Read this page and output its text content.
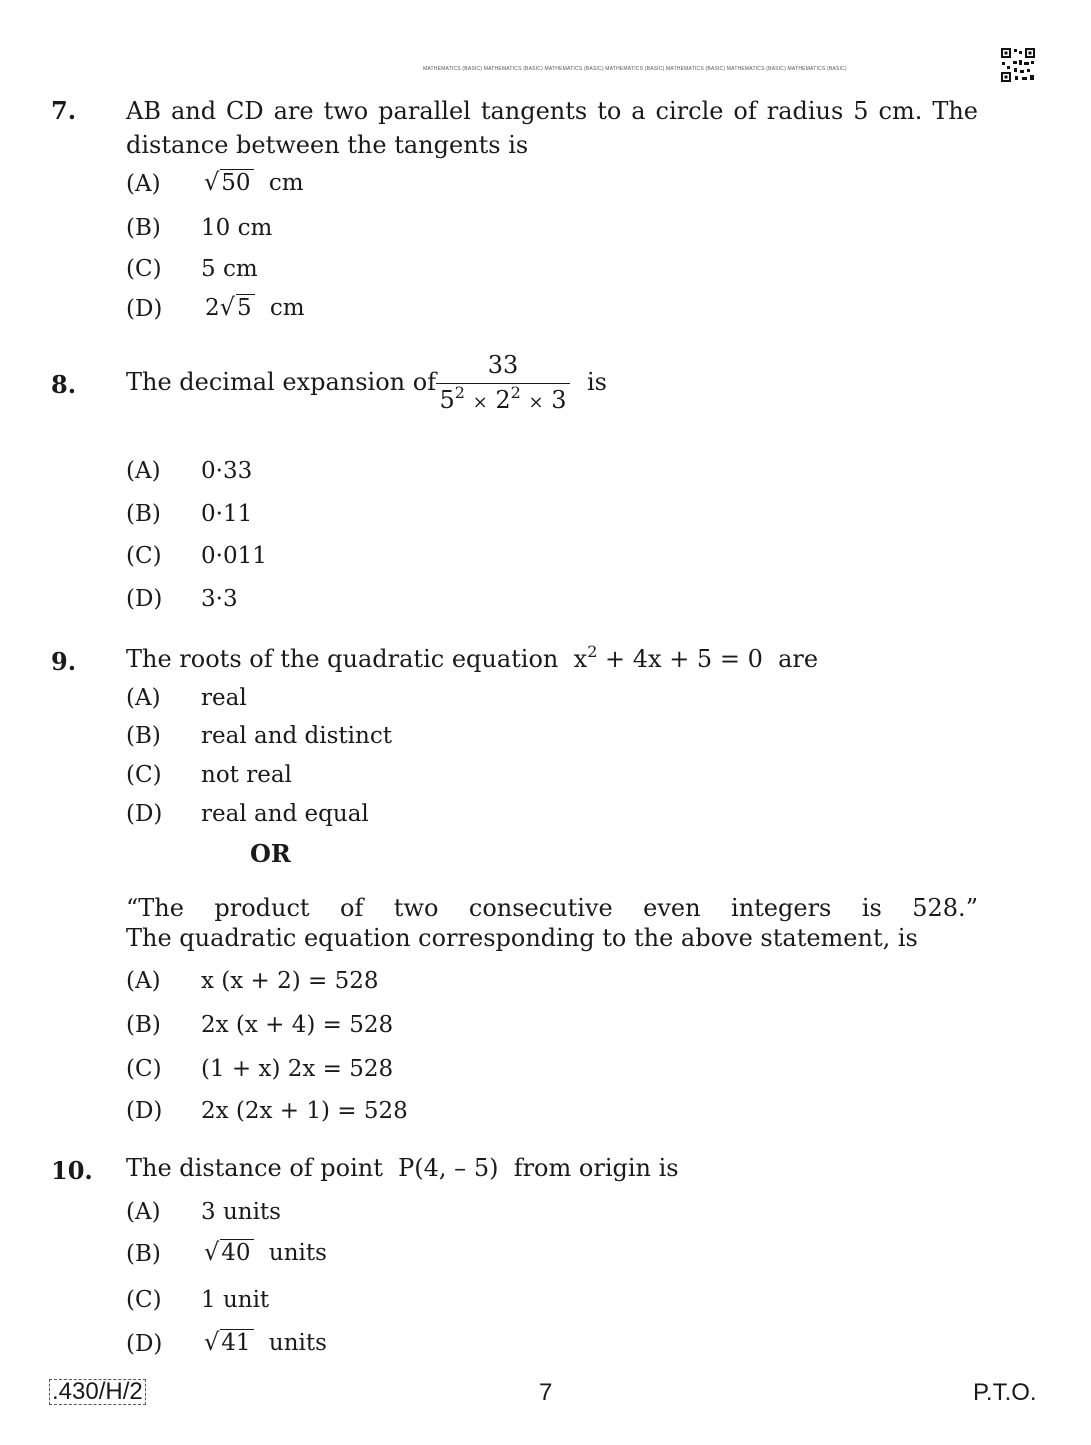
MATHEMATICS (BASIC) MATHEMATICS (BASIC) MATHEMATICS (BASIC) MATHEMATICS (BASIC) MATHEMATICS (BASIC) MATHEMATICS (BASIC) MATHEMATICS (BASIC)
7. AB and CD are two parallel tangents to a circle of radius 5 cm. The distance between the tangents is
(A) √50 cm
(B) 10 cm
(C) 5 cm
(D) 2√5 cm
8. The decimal expansion of $\frac{33}{5^2 \times 2^2 \times 3}$ is
(A) 0·33
(B) 0·11
(C) 0·011
(D) 3·3
9. The roots of the quadratic equation $x^2 + 4x + 5 = 0$ are
(A) real
(B) real and distinct
(C) not real
(D) real and equal
OR
“The product of two consecutive even integers is 528.”
The quadratic equation corresponding to the above statement, is
(A) x (x + 2) = 528
(B) 2x (x + 4) = 528
(C) (1 + x) 2x = 528
(D) 2x (2x + 1) = 528
10. The distance of point  P(4, – 5)  from origin is
(A) 3 units
(B) √40 units
(C) 1 unit
(D) √41 units
.430/H/2	7	P.T.O.
